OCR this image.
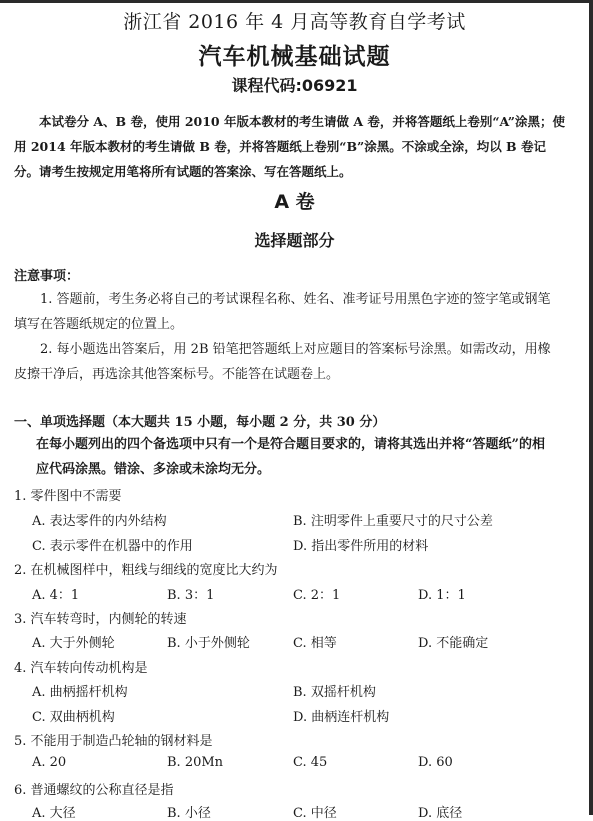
浙江省 2016 年 4 月高等教育自学考试
汽车机械基础试题
课程代码:06921

本试卷分 A、B 卷，使用 2010 年版本教材的考生请做 A 卷，并将答题纸上卷别“A”涂黑；使

用 2014 年版本教材的考生请做 B 卷，并将答题纸上卷别“B”涂黑。不涂或全涂，均以 B 卷记
分。请考生按规定用笔将所有试题的答案涂、写在答题纸上。
A 卷
选择题部分
注意事项：

1. 答题前，考生务必将自己的考试课程名称、姓名、准考证号用黑色字迹的签字笔或钢笔

填写在答题纸规定的位置上。

2. 每小题选出答案后，用 2B 铅笔把答题纸上对应题目的答案标号涂黑。如需改动，用橡

皮擦干净后，再选涂其他答案标号。不能答在试题卷上。
一、单项选择题（本大题共 15 小题，每小题 2 分，共 30 分）

在每小题列出的四个备选项中只有一个是符合题目要求的，请将其选出并将“答题纸”的相

应代码涂黑。错涂、多涂或未涂均无分。

1. 零件图中不需要
A. 表达零件的内外结构	B. 注明零件上重要尺寸的尺寸公差
C. 表示零件在机器中的作用	D. 指出零件所用的材料
2. 在机械图样中，粗线与细线的宽度比大约为
A. 4：1	B. 3：1	C. 2：1	D. 1：1
3. 汽车转弯时，内侧轮的转速
A. 大于外侧轮	B. 小于外侧轮	C. 相等	D. 不能确定
4. 汽车转向传动机构是
A. 曲柄摇杆机构	B. 双摇杆机构
C. 双曲柄机构	D. 曲柄连杆机构
5. 不能用于制造凸轮轴的钢材料是
A. 20	B. 20Mn	C. 45	D. 60
6. 普通螺纹的公称直径是指
A. 大径	B. 小径	C. 中径	D. 底径
